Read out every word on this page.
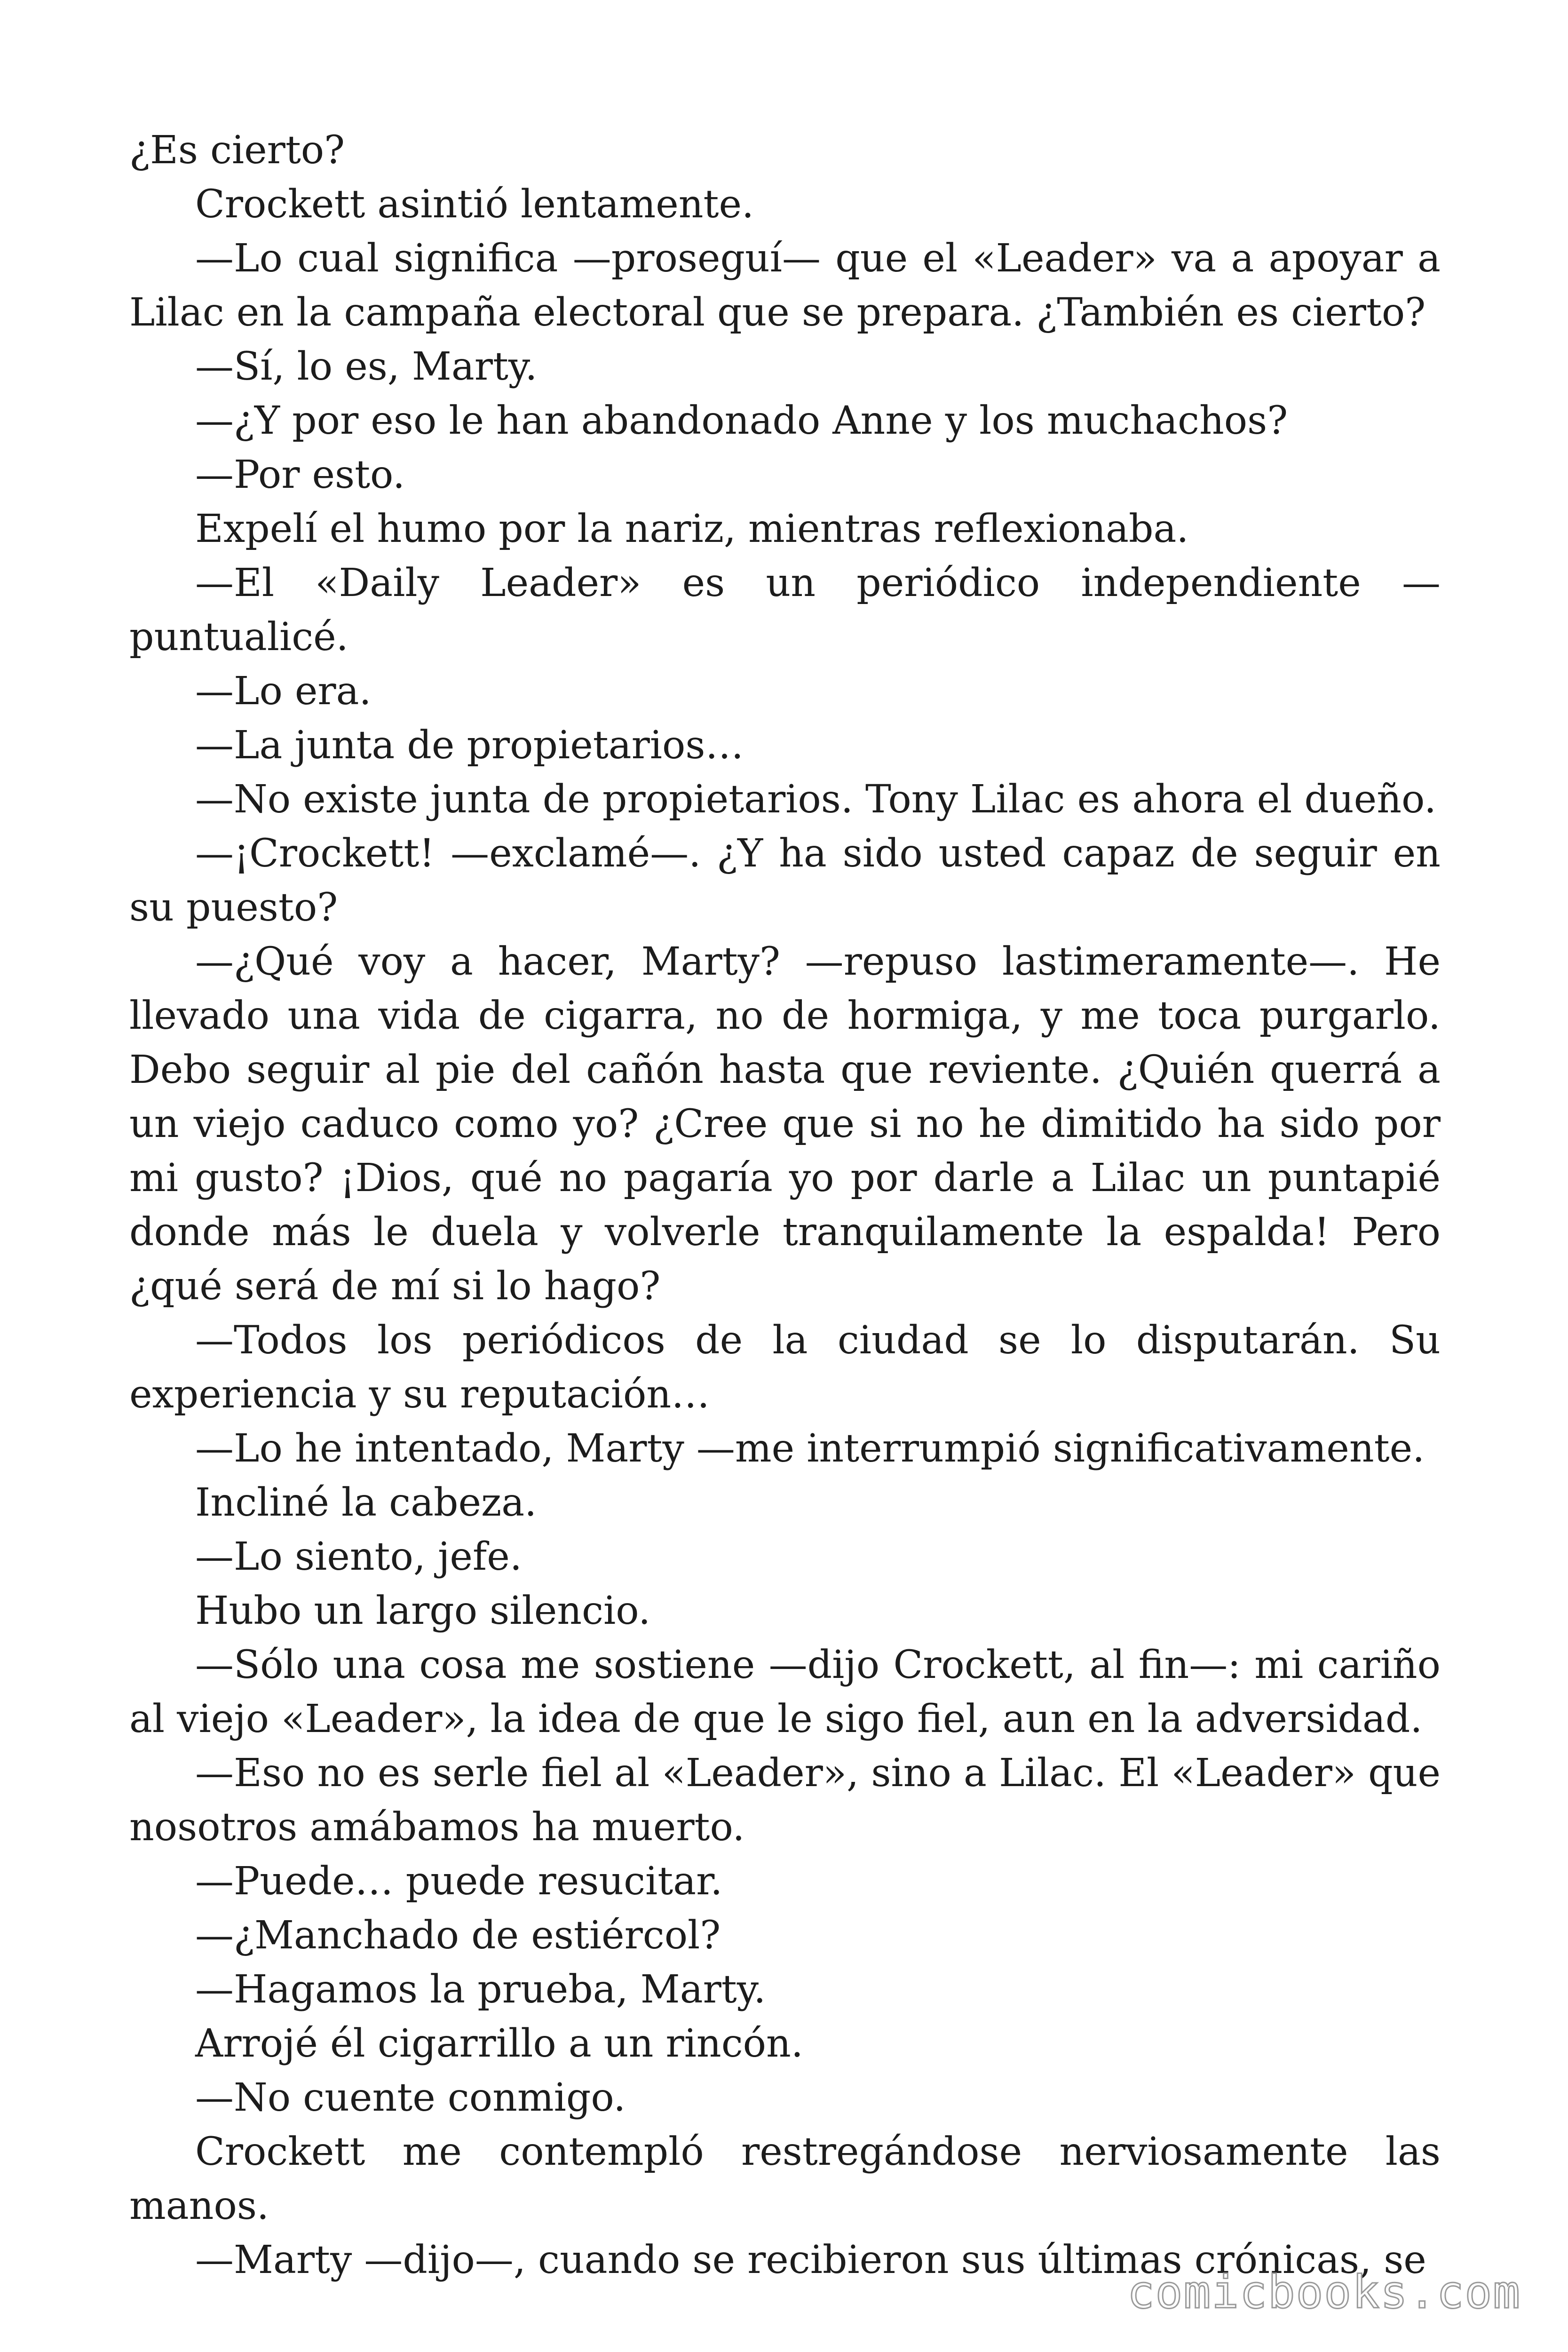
¿Es cierto?

Crockett asintió lentamente.

—Lo cual significa —proseguí— que el «Leader» va a apoyar a Lilac en la campaña electoral que se prepara. ¿También es cierto?

—Sí, lo es, Marty.

—¿Y por eso le han abandonado Anne y los muchachos?

—Por esto.

Expelí el humo por la nariz, mientras reflexionaba.

—El «Daily Leader» es un periódico independiente —puntualicé.

—Lo era.

—La junta de propietarios…

—No existe junta de propietarios. Tony Lilac es ahora el dueño.

—¡Crockett! —exclamé—. ¿Y ha sido usted capaz de seguir en su puesto?

—¿Qué voy a hacer, Marty? —repuso lastimeramente—. He llevado una vida de cigarra, no de hormiga, y me toca purgarlo. Debo seguir al pie del cañón hasta que reviente. ¿Quién querrá a un viejo caduco como yo? ¿Cree que si no he dimitido ha sido por mi gusto? ¡Dios, qué no pagaría yo por darle a Lilac un puntapié donde más le duela y volverle tranquilamente la espalda! Pero ¿qué será de mí si lo hago?

—Todos los periódicos de la ciudad se lo disputarán. Su experiencia y su reputación…

—Lo he intentado, Marty —me interrumpió significativamente.

Incliné la cabeza.

—Lo siento, jefe.

Hubo un largo silencio.

—Sólo una cosa me sostiene —dijo Crockett, al fin—: mi cariño al viejo «Leader», la idea de que le sigo fiel, aun en la adversidad.

—Eso no es serle fiel al «Leader», sino a Lilac. El «Leader» que nosotros amábamos ha muerto.

—Puede… puede resucitar.

—¿Manchado de estiércol?

—Hagamos la prueba, Marty.

Arrojé él cigarrillo a un rincón.

—No cuente conmigo.

Crockett me contempló restregándose nerviosamente las manos.

—Marty —dijo—, cuando se recibieron sus últimas crónicas, se

comicbooks.com
